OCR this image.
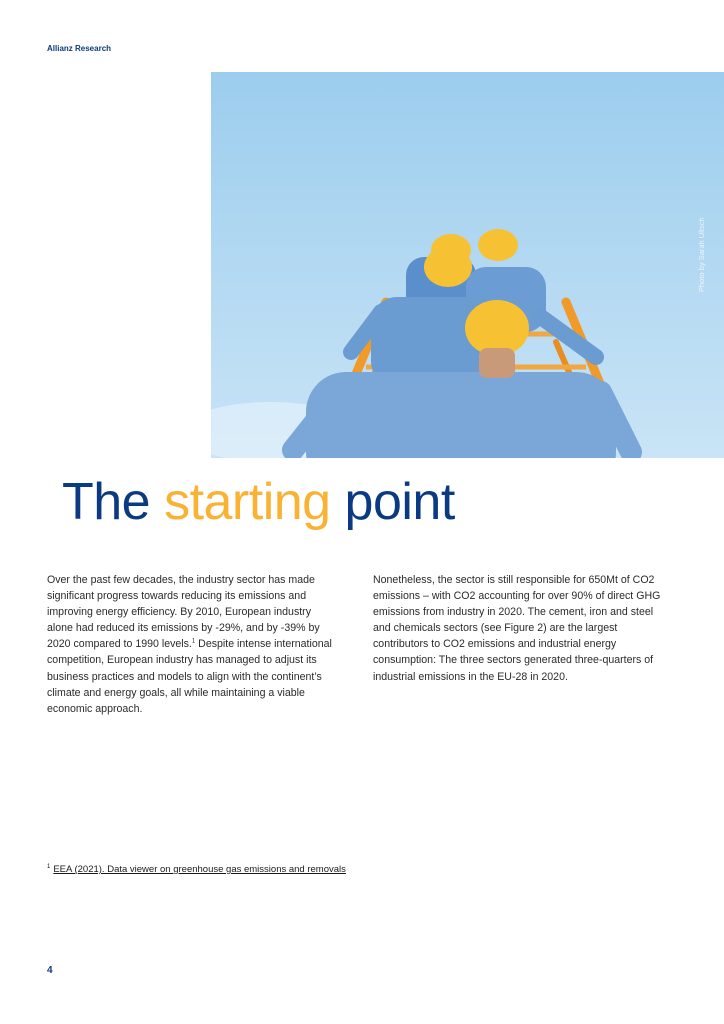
Allianz Research
Photo by Sarah Ultsch
The starting point

Over the past few decades, the industry sector has made significant progress towards reducing its emissions and improving energy efficiency. By 2010, European industry alone had reduced its emissions by -29%, and by -39% by 2020 compared to 1990 levels.$^1$ Despite intense international competition, European industry has managed to adjust its business practices and models to align with the continent’s climate and energy goals, all while maintaining a viable economic approach.

Nonetheless, the sector is still responsible for 650Mt of CO2 emissions – with CO2 accounting for over 90% of direct GHG emissions from industry in 2020. The cement, iron and steel and chemicals sectors (see Figure 2) are the largest contributors to CO2 emissions and industrial energy consumption: The three sectors generated three-quarters of industrial emissions in the EU-28 in 2020.

$^1$ EEA (2021). Data viewer on greenhouse gas emissions and removals
4
